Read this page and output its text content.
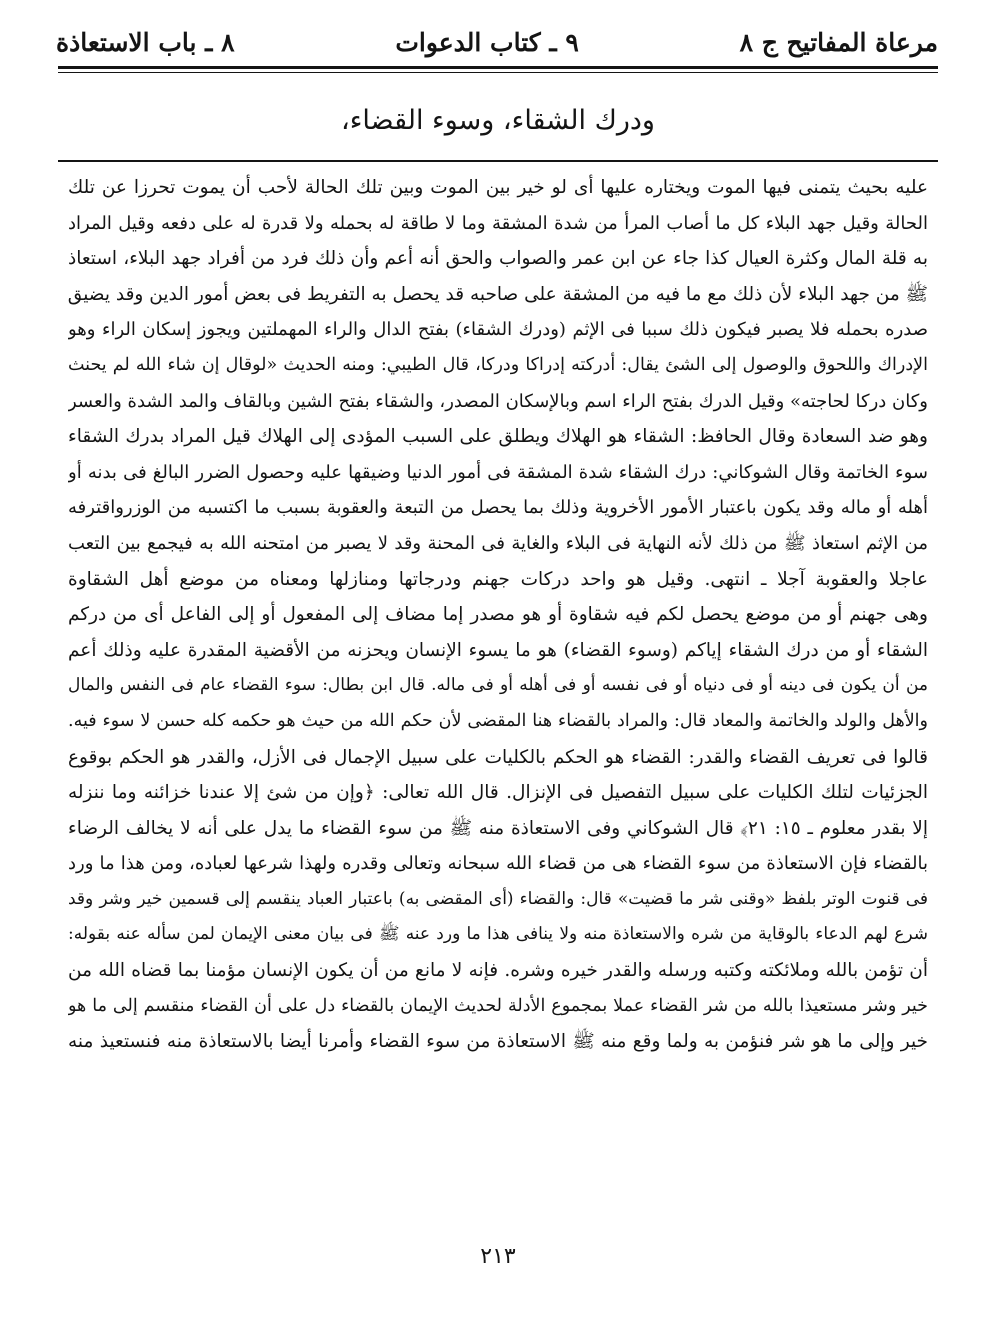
مرعاة المفاتيح ج ٨
٩ ـ كتاب الدعوات
٨ ـ باب الاستعاذة
ودرك الشقاء، وسوء القضاء،
عليه بحيث يتمنى فيها الموت ويختاره عليها أى لو خير بين الموت وبين تلك الحالة لأحب أن يموت تحرزا عن تلك
الحالة وقيل جهد البلاء كل ما أصاب المرأ من شدة المشقة وما لا طاقة له بحمله ولا قدرة له على دفعه وقيل المراد
به قلة المال وكثرة العيال كذا جاء عن ابن عمر والصواب والحق أنه أعم وأن ذلك فرد من أفراد جهد البلاء، استعاذ
ﷺ من جهد البلاء لأن ذلك مع ما فيه من المشقة على صاحبه قد يحصل به التفريط فى بعض أمور الدين وقد يضيق
صدره بحمله فلا يصبر فيكون ذلك سببا فى الإثم (ودرك الشقاء) بفتح الدال والراء المهملتين ويجوز إسكان الراء وهو
الإدراك واللحوق والوصول إلى الشئ يقال: أدركته إدراكا ودركا، قال الطيبي: ومنه الحديث «لوقال إن شاء الله لم يحنث
وكان دركا لحاجته» وقيل الدرك بفتح الراء اسم وبالإسكان المصدر، والشقاء بفتح الشين وبالقاف والمد الشدة والعسر
وهو ضد السعادة وقال الحافظ: الشقاء هو الهلاك ويطلق على السبب المؤدى إلى الهلاك قيل المراد بدرك الشقاء
سوء الخاتمة وقال الشوكاني: درك الشقاء شدة المشقة فى أمور الدنيا وضيقها عليه وحصول الضرر البالغ فى بدنه أو
أهله أو ماله وقد يكون باعتبار الأمور الأخروية وذلك بما يحصل من التبعة والعقوبة بسبب ما اكتسبه من الوزرواقترفه
من الإثم استعاذ ﷺ من ذلك لأنه النهاية فى البلاء والغاية فى المحنة وقد لا يصبر من امتحنه الله به فيجمع بين التعب
عاجلا والعقوبة آجلا ـ انتهى. وقيل هو واحد دركات جهنم ودرجاتها ومنازلها ومعناه من موضع أهل الشقاوة
وهى جهنم أو من موضع يحصل لكم فيه شقاوة أو هو مصدر إما مضاف إلى المفعول أو إلى الفاعل أى من دركم
الشقاء أو من درك الشقاء إياكم (وسوء القضاء) هو ما يسوء الإنسان ويحزنه من الأقضية المقدرة عليه وذلك أعم
من أن يكون فى دينه أو فى دنياه أو فى نفسه أو فى أهله أو فى ماله. قال ابن بطال: سوء القضاء عام فى النفس والمال
والأهل والولد والخاتمة والمعاد قال: والمراد بالقضاء هنا المقضى لأن حكم الله من حيث هو حكمه كله حسن لا سوء فيه.
قالوا فى تعريف القضاء والقدر: القضاء هو الحكم بالكليات على سبيل الإجمال فى الأزل، والقدر هو الحكم بوقوع
الجزئيات لتلك الكليات على سبيل التفصيل فى الإنزال. قال الله تعالى: ﴿وإن من شئ إلا عندنا خزائنه وما ننزله
إلا بقدر معلوم ـ ١٥: ٢١﴾ قال الشوكاني وفى الاستعاذة منه ﷺ من سوء القضاء ما يدل على أنه لا يخالف الرضاء
بالقضاء فإن الاستعاذة من سوء القضاء هى من قضاء الله سبحانه وتعالى وقدره ولهذا شرعها لعباده، ومن هذا ما ورد
فى قنوت الوتر بلفظ «وقنى شر ما قضيت» قال: والقضاء (أى المقضى به) باعتبار العباد ينقسم إلى قسمين خير وشر وقد
شرع لهم الدعاء بالوقاية من شره والاستعاذة منه ولا ينافى هذا ما ورد عنه ﷺ فى بيان معنى الإيمان لمن سأله عنه بقوله:
أن تؤمن بالله وملائكته وكتبه ورسله والقدر خيره وشره. فإنه لا مانع من أن يكون الإنسان مؤمنا بما قضاه الله من
خير وشر مستعيذا بالله من شر القضاء عملا بمجموع الأدلة لحديث الإيمان بالقضاء دل على أن القضاء منقسم إلى ما هو
خير وإلى ما هو شر فنؤمن به ولما وقع منه ﷺ الاستعاذة من سوء القضاء وأمرنا أيضا بالاستعاذة منه فنستعيذ منه
٢١٣
